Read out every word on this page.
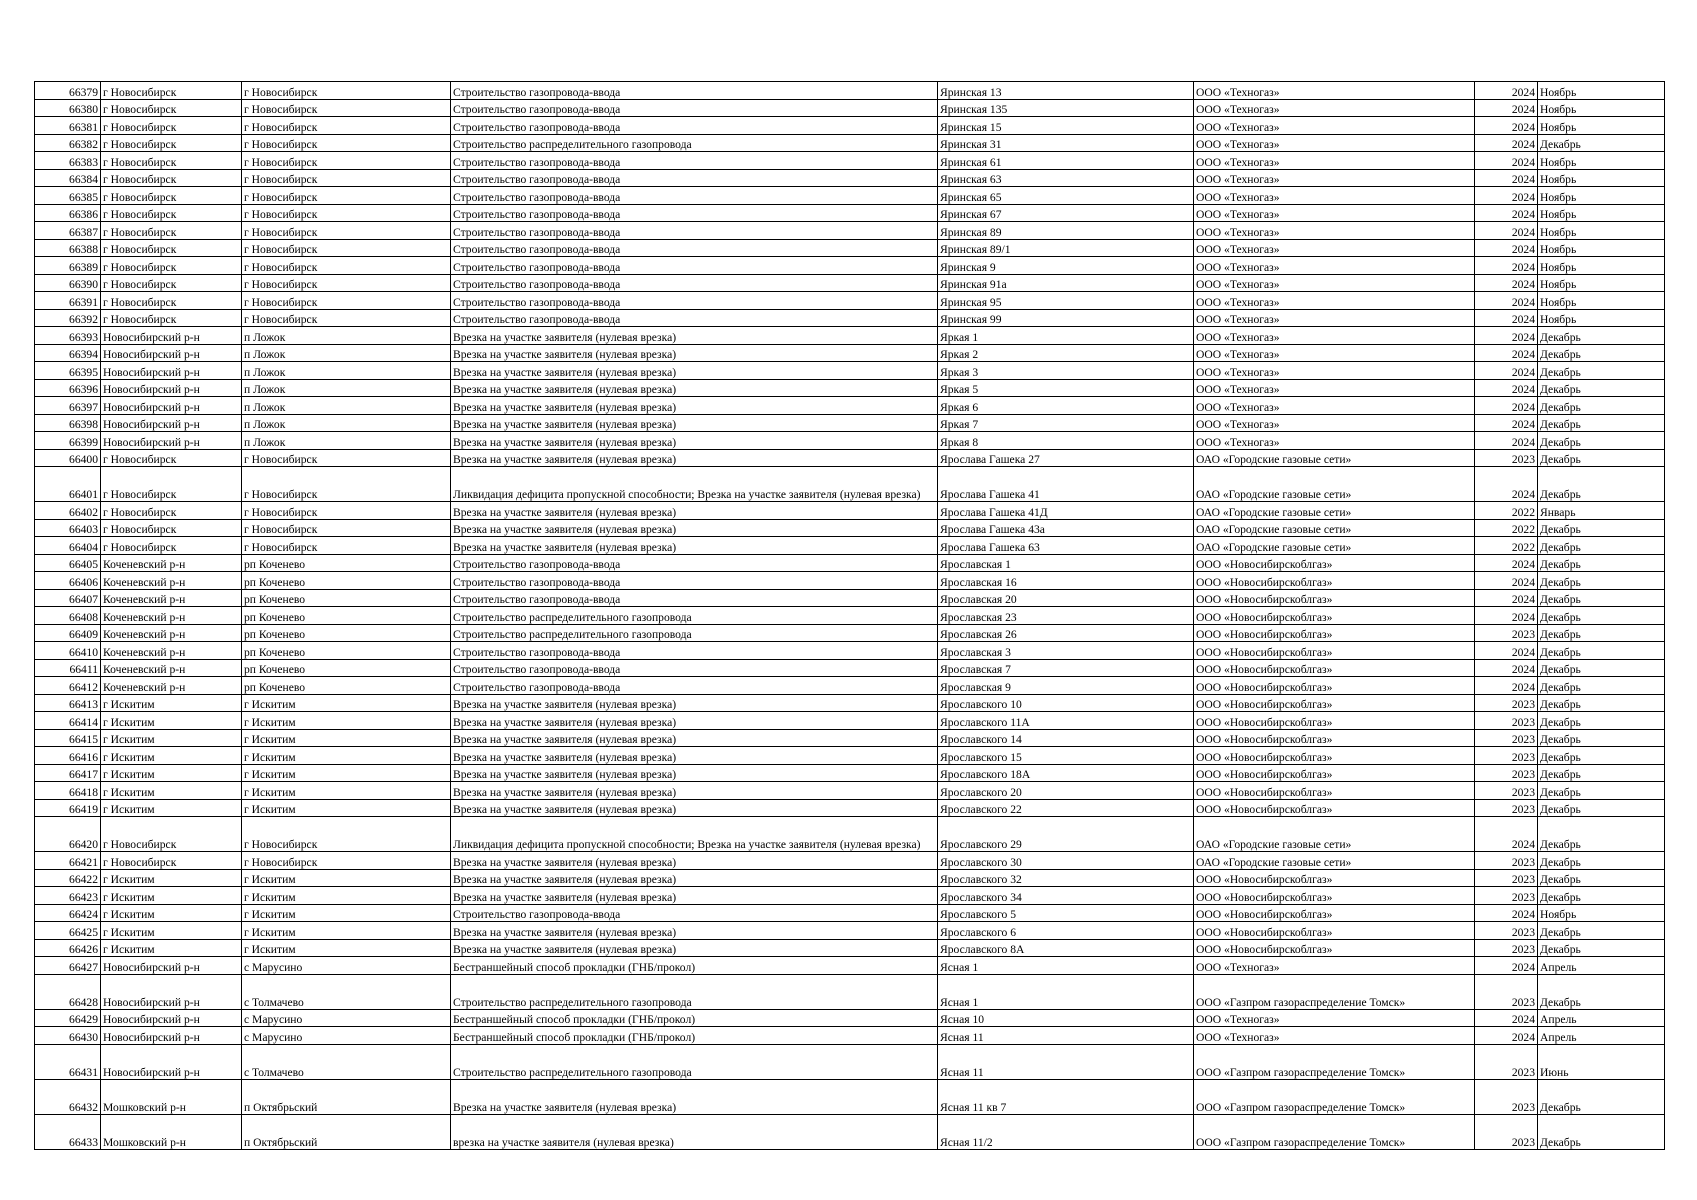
66379	г Новосибирск	г Новосибирск	Строительство газопровода-ввода	Яринская 13	ООО «Техногаз»	2024	Ноябрь
66380	г Новосибирск	г Новосибирск	Строительство газопровода-ввода	Яринская 135	ООО «Техногаз»	2024	Ноябрь
66381	г Новосибирск	г Новосибирск	Строительство газопровода-ввода	Яринская 15	ООО «Техногаз»	2024	Ноябрь
66382	г Новосибирск	г Новосибирск	Строительство распределительного газопровода	Яринская 31	ООО «Техногаз»	2024	Декабрь
66383	г Новосибирск	г Новосибирск	Строительство газопровода-ввода	Яринская 61	ООО «Техногаз»	2024	Ноябрь
66384	г Новосибирск	г Новосибирск	Строительство газопровода-ввода	Яринская 63	ООО «Техногаз»	2024	Ноябрь
66385	г Новосибирск	г Новосибирск	Строительство газопровода-ввода	Яринская 65	ООО «Техногаз»	2024	Ноябрь
66386	г Новосибирск	г Новосибирск	Строительство газопровода-ввода	Яринская 67	ООО «Техногаз»	2024	Ноябрь
66387	г Новосибирск	г Новосибирск	Строительство газопровода-ввода	Яринская 89	ООО «Техногаз»	2024	Ноябрь
66388	г Новосибирск	г Новосибирск	Строительство газопровода-ввода	Яринская 89/1	ООО «Техногаз»	2024	Ноябрь
66389	г Новосибирск	г Новосибирск	Строительство газопровода-ввода	Яринская 9	ООО «Техногаз»	2024	Ноябрь
66390	г Новосибирск	г Новосибирск	Строительство газопровода-ввода	Яринская 91а	ООО «Техногаз»	2024	Ноябрь
66391	г Новосибирск	г Новосибирск	Строительство газопровода-ввода	Яринская 95	ООО «Техногаз»	2024	Ноябрь
66392	г Новосибирск	г Новосибирск	Строительство газопровода-ввода	Яринская 99	ООО «Техногаз»	2024	Ноябрь
66393	Новосибирский р-н	п Ложок	Врезка на участке заявителя (нулевая врезка)	Яркая 1	ООО «Техногаз»	2024	Декабрь
66394	Новосибирский р-н	п Ложок	Врезка на участке заявителя (нулевая врезка)	Яркая 2	ООО «Техногаз»	2024	Декабрь
66395	Новосибирский р-н	п Ложок	Врезка на участке заявителя (нулевая врезка)	Яркая 3	ООО «Техногаз»	2024	Декабрь
66396	Новосибирский р-н	п Ложок	Врезка на участке заявителя (нулевая врезка)	Яркая 5	ООО «Техногаз»	2024	Декабрь
66397	Новосибирский р-н	п Ложок	Врезка на участке заявителя (нулевая врезка)	Яркая 6	ООО «Техногаз»	2024	Декабрь
66398	Новосибирский р-н	п Ложок	Врезка на участке заявителя (нулевая врезка)	Яркая 7	ООО «Техногаз»	2024	Декабрь
66399	Новосибирский р-н	п Ложок	Врезка на участке заявителя (нулевая врезка)	Яркая 8	ООО «Техногаз»	2024	Декабрь
66400	г Новосибирск	г Новосибирск	Врезка на участке заявителя (нулевая врезка)	Ярослава Гашека 27	ОАО «Городские газовые сети»	2023	Декабрь
66401	г Новосибирск	г Новосибирск	Ликвидация дефицита пропускной способности; Врезка на участке заявителя (нулевая врезка)	Ярослава Гашека 41	ОАО «Городские газовые сети»	2024	Декабрь
66402	г Новосибирск	г Новосибирск	Врезка на участке заявителя (нулевая врезка)	Ярослава Гашека 41Д	ОАО «Городские газовые сети»	2022	Январь
66403	г Новосибирск	г Новосибирск	Врезка на участке заявителя (нулевая врезка)	Ярослава Гашека 43а	ОАО «Городские газовые сети»	2022	Декабрь
66404	г Новосибирск	г Новосибирск	Врезка на участке заявителя (нулевая врезка)	Ярослава Гашека 63	ОАО «Городские газовые сети»	2022	Декабрь
66405	Коченевский р-н	рп Коченево	Строительство газопровода-ввода	Ярославская 1	ООО «Новосибирскоблгаз»	2024	Декабрь
66406	Коченевский р-н	рп Коченево	Строительство газопровода-ввода	Ярославская 16	ООО «Новосибирскоблгаз»	2024	Декабрь
66407	Коченевский р-н	рп Коченево	Строительство газопровода-ввода	Ярославская 20	ООО «Новосибирскоблгаз»	2024	Декабрь
66408	Коченевский р-н	рп Коченево	Строительство распределительного газопровода	Ярославская 23	ООО «Новосибирскоблгаз»	2024	Декабрь
66409	Коченевский р-н	рп Коченево	Строительство распределительного газопровода	Ярославская 26	ООО «Новосибирскоблгаз»	2023	Декабрь
66410	Коченевский р-н	рп Коченево	Строительство газопровода-ввода	Ярославская 3	ООО «Новосибирскоблгаз»	2024	Декабрь
66411	Коченевский р-н	рп Коченево	Строительство газопровода-ввода	Ярославская 7	ООО «Новосибирскоблгаз»	2024	Декабрь
66412	Коченевский р-н	рп Коченево	Строительство газопровода-ввода	Ярославская 9	ООО «Новосибирскоблгаз»	2024	Декабрь
66413	г Искитим	г Искитим	Врезка на участке заявителя (нулевая врезка)	Ярославского 10	ООО «Новосибирскоблгаз»	2023	Декабрь
66414	г Искитим	г Искитим	Врезка на участке заявителя (нулевая врезка)	Ярославского 11А	ООО «Новосибирскоблгаз»	2023	Декабрь
66415	г Искитим	г Искитим	Врезка на участке заявителя (нулевая врезка)	Ярославского 14	ООО «Новосибирскоблгаз»	2023	Декабрь
66416	г Искитим	г Искитим	Врезка на участке заявителя (нулевая врезка)	Ярославского 15	ООО «Новосибирскоблгаз»	2023	Декабрь
66417	г Искитим	г Искитим	Врезка на участке заявителя (нулевая врезка)	Ярославского 18А	ООО «Новосибирскоблгаз»	2023	Декабрь
66418	г Искитим	г Искитим	Врезка на участке заявителя (нулевая врезка)	Ярославского 20	ООО «Новосибирскоблгаз»	2023	Декабрь
66419	г Искитим	г Искитим	Врезка на участке заявителя (нулевая врезка)	Ярославского 22	ООО «Новосибирскоблгаз»	2023	Декабрь
66420	г Новосибирск	г Новосибирск	Ликвидация дефицита пропускной способности; Врезка на участке заявителя (нулевая врезка)	Ярославского 29	ОАО «Городские газовые сети»	2024	Декабрь
66421	г Новосибирск	г Новосибирск	Врезка на участке заявителя (нулевая врезка)	Ярославского 30	ОАО «Городские газовые сети»	2023	Декабрь
66422	г Искитим	г Искитим	Врезка на участке заявителя (нулевая врезка)	Ярославского 32	ООО «Новосибирскоблгаз»	2023	Декабрь
66423	г Искитим	г Искитим	Врезка на участке заявителя (нулевая врезка)	Ярославского 34	ООО «Новосибирскоблгаз»	2023	Декабрь
66424	г Искитим	г Искитим	Строительство газопровода-ввода	Ярославского 5	ООО «Новосибирскоблгаз»	2024	Ноябрь
66425	г Искитим	г Искитим	Врезка на участке заявителя (нулевая врезка)	Ярославского 6	ООО «Новосибирскоблгаз»	2023	Декабрь
66426	г Искитим	г Искитим	Врезка на участке заявителя (нулевая врезка)	Ярославского 8А	ООО «Новосибирскоблгаз»	2023	Декабрь
66427	Новосибирский р-н	с Марусино	Бестраншейный способ прокладки (ГНБ/прокол)	Ясная 1	ООО «Техногаз»	2024	Апрель
66428	Новосибирский р-н	с Толмачево	Строительство распределительного газопровода	Ясная 1	ООО «Газпром газораспределение Томск»	2023	Декабрь
66429	Новосибирский р-н	с Марусино	Бестраншейный способ прокладки (ГНБ/прокол)	Ясная 10	ООО «Техногаз»	2024	Апрель
66430	Новосибирский р-н	с Марусино	Бестраншейный способ прокладки (ГНБ/прокол)	Ясная 11	ООО «Техногаз»	2024	Апрель
66431	Новосибирский р-н	с Толмачево	Строительство распределительного газопровода	Ясная 11	ООО «Газпром газораспределение Томск»	2023	Июнь
66432	Мошковский р-н	п Октябрьский	Врезка на участке заявителя (нулевая врезка)	Ясная 11 кв 7	ООО «Газпром газораспределение Томск»	2023	Декабрь
66433	Мошковский р-н	п Октябрьский	врезка на участке заявителя (нулевая врезка)	Ясная 11/2	ООО «Газпром газораспределение Томск»	2023	Декабрь
